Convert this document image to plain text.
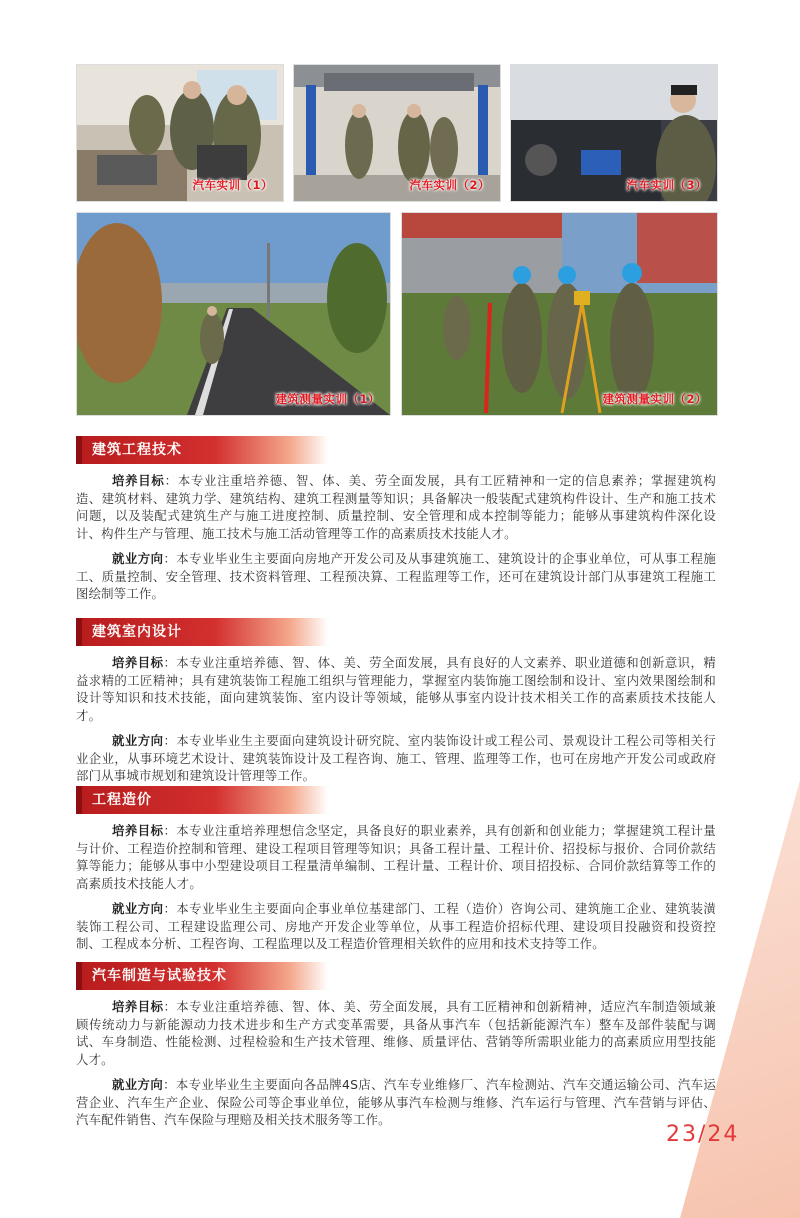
汽车实训（1）	汽车实训（2）	汽车实训（3）
建筑测量实训（1）	建筑测量实训（2）
建筑工程技术

培养目标：本专业注重培养德、智、体、美、劳全面发展，具有工匠精神和一定的信息素养；掌握建筑构造、建筑材料、建筑力学、建筑结构、建筑工程测量等知识；具备解决一般装配式建筑构件设计、生产和施工技术问题，以及装配式建筑生产与施工进度控制、质量控制、安全管理和成本控制等能力；能够从事建筑构件深化设计、构件生产与管理、施工技术与施工活动管理等工作的高素质技术技能人才。

就业方向：本专业毕业生主要面向房地产开发公司及从事建筑施工、建筑设计的企事业单位，可从事工程施工、质量控制、安全管理、技术资料管理、工程预决算、工程监理等工作，还可在建筑设计部门从事建筑工程施工图绘制等工作。

建筑室内设计

培养目标：本专业注重培养德、智、体、美、劳全面发展，具有良好的人文素养、职业道德和创新意识，精益求精的工匠精神；具有建筑装饰工程施工组织与管理能力，掌握室内装饰施工图绘制和设计、室内效果图绘制和设计等知识和技术技能，面向建筑装饰、室内设计等领域，能够从事室内设计技术相关工作的高素质技术技能人才。

就业方向：本专业毕业生主要面向建筑设计研究院、室内装饰设计或工程公司、景观设计工程公司等相关行业企业，从事环境艺术设计、建筑装饰设计及工程咨询、施工、管理、监理等工作，也可在房地产开发公司或政府部门从事城市规划和建筑设计管理等工作。

工程造价

培养目标：本专业注重培养理想信念坚定，具备良好的职业素养，具有创新和创业能力；掌握建筑工程计量与计价、工程造价控制和管理、建设工程项目管理等知识；具备工程计量、工程计价、招投标与报价、合同价款结算等能力；能够从事中小型建设项目工程量清单编制、工程计量、工程计价、项目招投标、合同价款结算等工作的高素质技术技能人才。

就业方向：本专业毕业生主要面向企事业单位基建部门、工程（造价）咨询公司、建筑施工企业、建筑装潢装饰工程公司、工程建设监理公司、房地产开发企业等单位，从事工程造价招标代理、建设项目投融资和投资控制、工程成本分析、工程咨询、工程监理以及工程造价管理相关软件的应用和技术支持等工作。

汽车制造与试验技术

培养目标：本专业注重培养德、智、体、美、劳全面发展，具有工匠精神和创新精神，适应汽车制造领域兼顾传统动力与新能源动力技术进步和生产方式变革需要，具备从事汽车（包括新能源汽车）整车及部件装配与调试、车身制造、性能检测、过程检验和生产技术管理、维修、质量评估、营销等所需职业能力的高素质应用型技能人才。

就业方向：本专业毕业生主要面向各品牌4S店、汽车专业维修厂、汽车检测站、汽车交通运输公司、汽车运营企业、汽车生产企业、保险公司等企事业单位，能够从事汽车检测与维修、汽车运行与管理、汽车营销与评估、汽车配件销售、汽车保险与理赔及相关技术服务等工作。

23/24
